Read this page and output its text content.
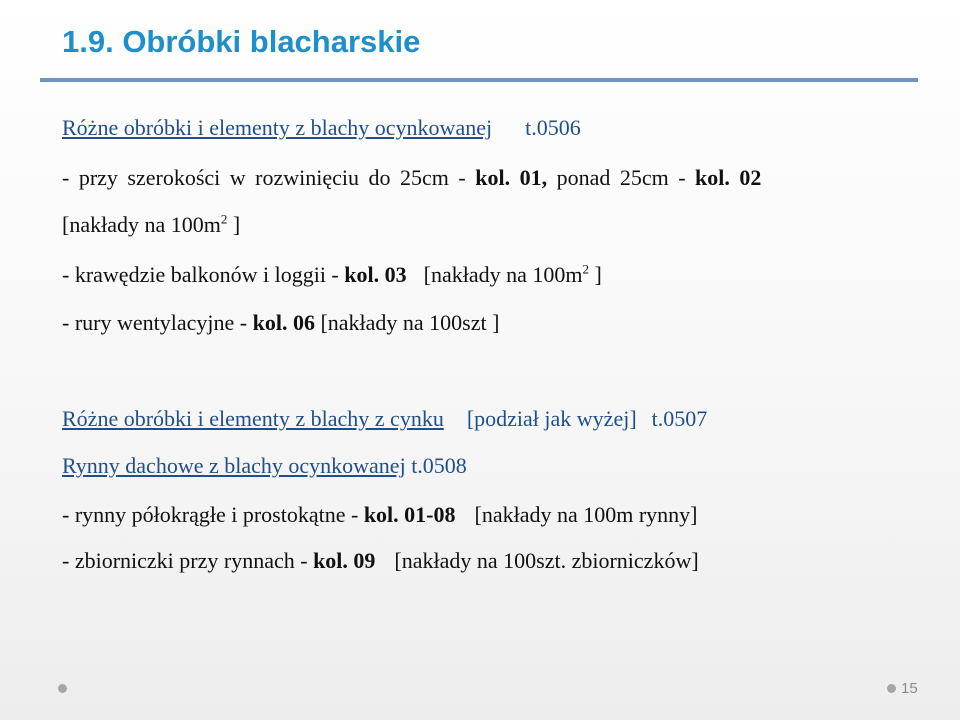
1.9. Obróbki blacharskie
Różne obróbki i elementy z blachy ocynkowanej t.0506
- przy szerokości w rozwinięciu do 25cm - kol. 01, ponad 25cm - kol. 02
[nakłady na $100m^2$ ]
- krawędzie balkonów i loggii - kol. 03 [nakłady na $100m^2$ ]
- rury wentylacyjne - kol. 06 [nakłady na 100szt ]
Różne obróbki i elementy z blachy z cynku [podział jak wyżej] t.0507
Rynny dachowe z blachy ocynkowanej t.0508
- rynny półokrągłe i prostokątne - kol. 01-08 [nakłady na 100m rynny]
- zbiorniczki przy rynnach - kol. 09 [nakłady na 100szt. zbiorniczków]
15
